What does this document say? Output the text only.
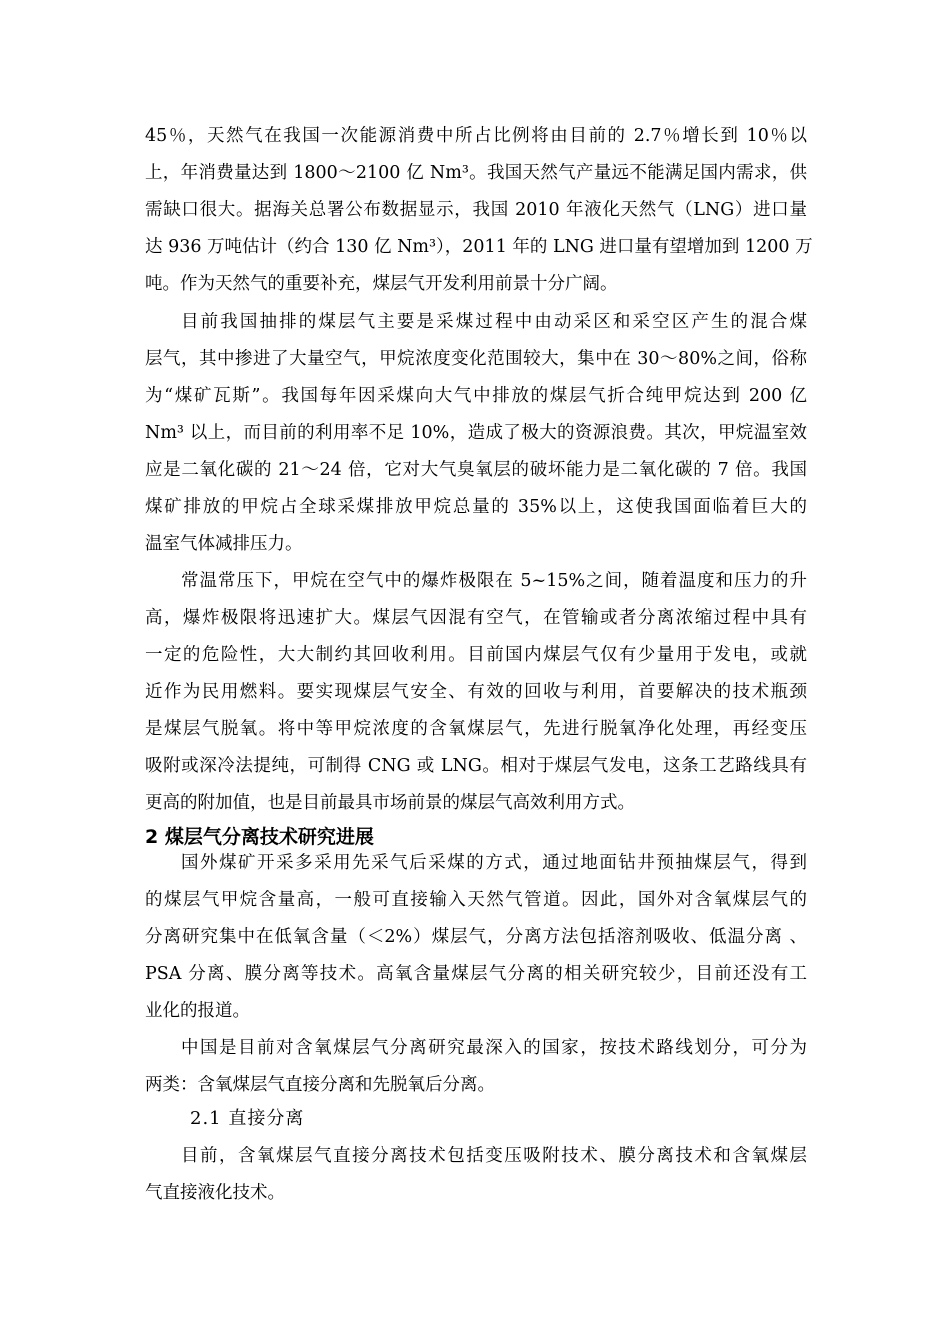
45％，天然气在我国一次能源消费中所占比例将由目前的 2.7％增长到 10％以
上，年消费量达到 1800～2100 亿 Nm³。我国天然气产量远不能满足国内需求，供
需缺口很大。据海关总署公布数据显示，我国 2010 年液化天然气（LNG）进口量
达 936 万吨估计（约合 130 亿 Nm³），2011 年的 LNG 进口量有望增加到 1200 万
吨。作为天然气的重要补充，煤层气开发利用前景十分广阔。
目前我国抽排的煤层气主要是采煤过程中由动采区和采空区产生的混合煤
层气，其中掺进了大量空气，甲烷浓度变化范围较大，集中在 30～80%之间，俗称
为“煤矿瓦斯”。我国每年因采煤向大气中排放的煤层气折合纯甲烷达到 200 亿
Nm³ 以上，而目前的利用率不足 10%，造成了极大的资源浪费。其次，甲烷温室效
应是二氧化碳的 21～24 倍，它对大气臭氧层的破坏能力是二氧化碳的 7 倍。我国
煤矿排放的甲烷占全球采煤排放甲烷总量的 35%以上，这使我国面临着巨大的
温室气体减排压力。
常温常压下，甲烷在空气中的爆炸极限在 5~15%之间，随着温度和压力的升
高，爆炸极限将迅速扩大。煤层气因混有空气，在管输或者分离浓缩过程中具有
一定的危险性，大大制约其回收利用。目前国内煤层气仅有少量用于发电，或就
近作为民用燃料。要实现煤层气安全、有效的回收与利用，首要解决的技术瓶颈
是煤层气脱氧。将中等甲烷浓度的含氧煤层气，先进行脱氧净化处理，再经变压
吸附或深冷法提纯，可制得 CNG 或 LNG。相对于煤层气发电，这条工艺路线具有
更高的附加值，也是目前最具市场前景的煤层气高效利用方式。
2 煤层气分离技术研究进展
国外煤矿开采多采用先采气后采煤的方式，通过地面钻井预抽煤层气，得到
的煤层气甲烷含量高，一般可直接输入天然气管道。因此，国外对含氧煤层气的
分离研究集中在低氧含量（＜2%）煤层气，分离方法包括溶剂吸收、低温分离 、
PSA 分离、膜分离等技术。高氧含量煤层气分离的相关研究较少，目前还没有工
业化的报道。
中国是目前对含氧煤层气分离研究最深入的国家，按技术路线划分，可分为
两类：含氧煤层气直接分离和先脱氧后分离。
2.1 直接分离
目前，含氧煤层气直接分离技术包括变压吸附技术、膜分离技术和含氧煤层
气直接液化技术。
